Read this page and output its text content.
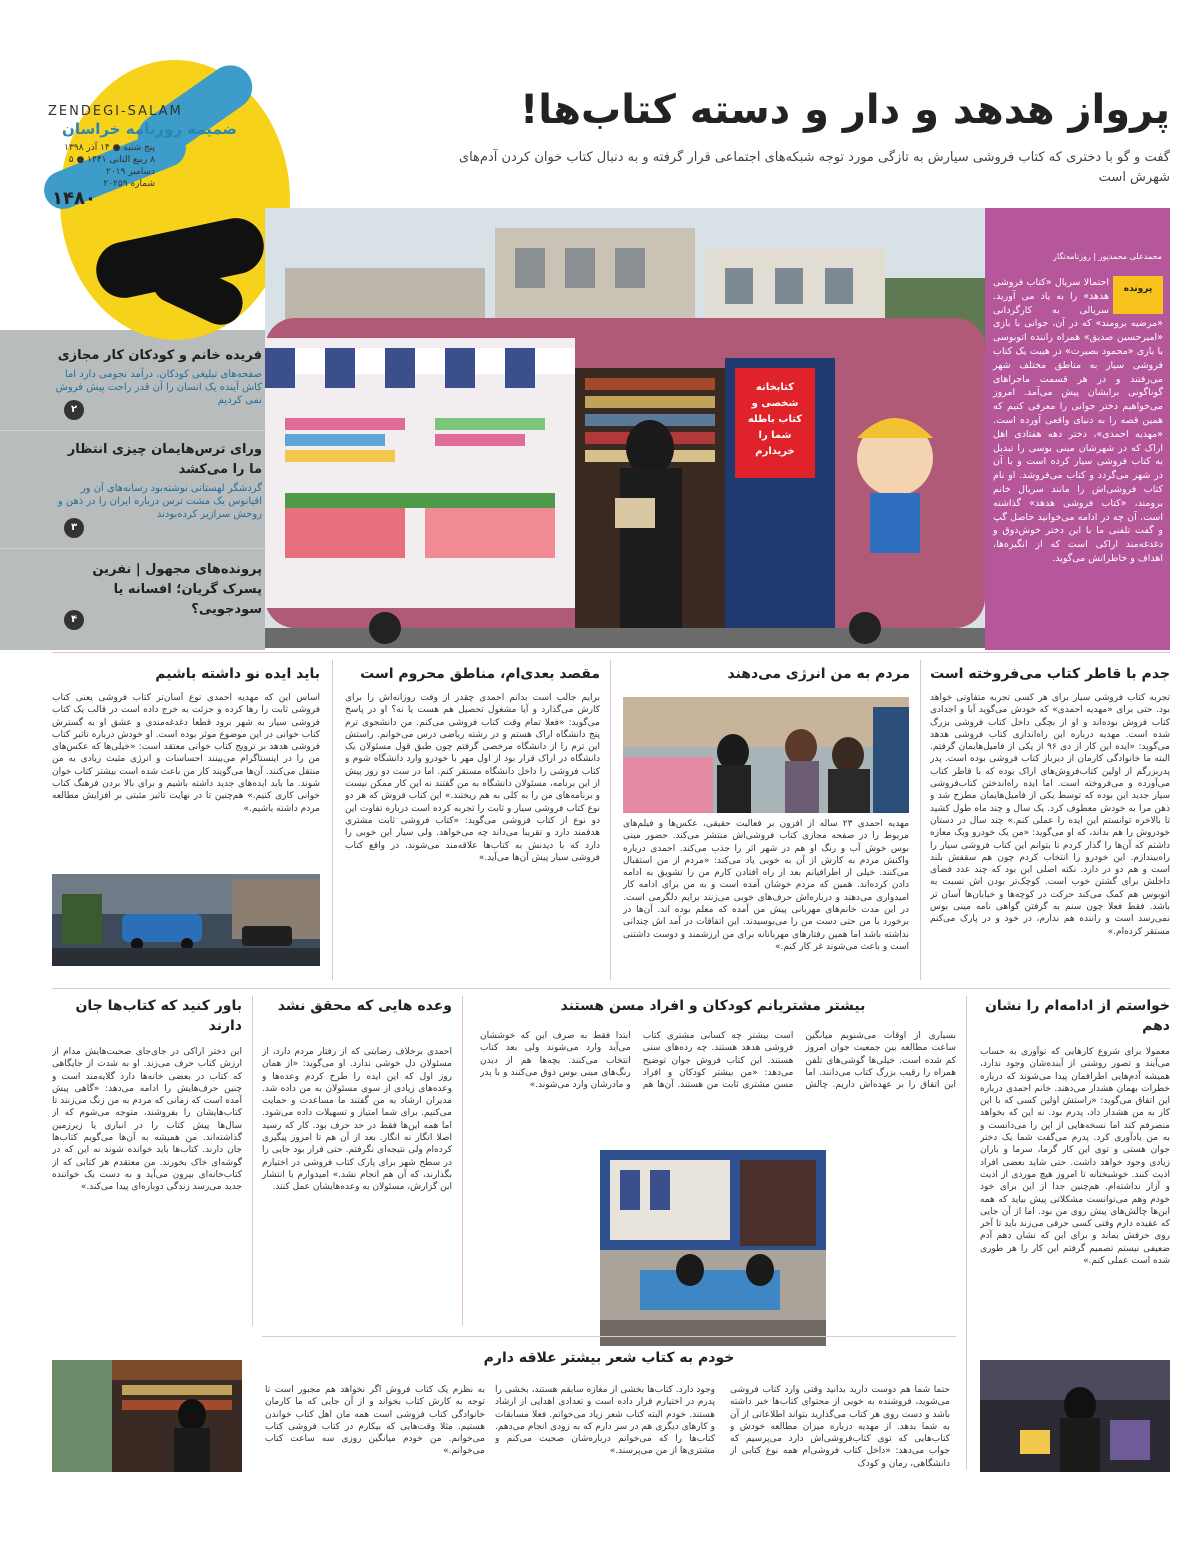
ZENDEGI-SALAM
ضمیمه روزنامه خراسان
پنج شنبه ● ۱۴ آذر ۱۳۹۸
۸ ربیع الثانی ۱۴۴۱ ● ۵ دسامبر ۲۰۱۹
شماره ۲۰۲۵۹
۱۴۸۰
فریده خانم و کودکان کار مجازی

صفحه‌های تبلیغی کودکان، درآمد نجومی دارد اما کاش آینده یک انسان را آن قدر راحت پیش فروش نمی کردیم

۲
ورای ترس‌هایمان چیزی انتظار ما را می‌کشد

گردشگر لهستانی نوشته‌بود رسانه‌های آن ور اقیانوس یک مشت ترس درباره ایران را در ذهن و روحش سرازیر کرده‌بودند

۳
پرونده‌های مجهول | نفرین پسرک گریان؛ افسانه یا سودجویی؟
۴
پرواز هدهد و دار و دسته کتاب‌ها!
گفت و گو با دختری که کتاب فروشی سیارش به تازگی مورد توجه شبکه‌های اجتماعی قرار گرفته و به دنبال کتاب خوان کردن آدم‌های شهرش است
کتابخانه شخصی و کتاب باطله شما را خریدارم
محمدعلی محمدپور | روزنامه‌نگار
پرونده
احتمالا سریال «کتاب فروشی هدهد» را به یاد می آورید. سریالی به کارگردانی «مرضیه برومند» که در آن، جوانی با بازی «امیرحسین صدیق» همراه راننده اتوبوسی با بازی «محمود بصیرت» در هیبت یک کتاب فروشی سیار به مناطق مختلف شهر می‌رفتند و در هر قسمت ماجراهای گوناگونی برایشان پیش می‌آمد. امروز می‌خواهیم دختر جوانی را معرفی کنیم که همین قصه را به دنیای واقعی آورده است. «مهدیه احمدی»، دختر دهه هفتادی اهل اراک که در شهرشان مینی بوسی را تبدیل به کتاب فروشی سیار کرده است و با آن در شهر می‌گردد و کتاب می‌فروشد. او نام کتاب فروشی‌اش را مانند سریال خانم برومند، «کتاب فروشی هدهد» گذاشته است. آن چه در ادامه می‌خوانید حاصل گپ و گفت تلفنی ما با این دختر خوش‌ذوق و دغدغه‌مند اراکی است که از انگیزه‌ها، اهداف و خاطراتش می‌گوید.
جدم با قاطر کتاب می‌فروخته است
تجربه کتاب فروشی سیار برای هر کسی تجربه متفاوتی خواهد بود. حتی برای «مهدیه احمدی» که خودش می‌گوید آبا و اجدادی کتاب فروش بوده‌اند و او از بچگی داخل کتاب فروشی بزرگ شده است. مهدیه درباره این راه‌اندازی کتاب فروشی هدهد می‌گوید: «ایده این کار از دی ۹۶ از یکی از فامیل‌هایمان گرفتم. البته ما خانوادگی کارمان از دیرباز کتاب فروشی بوده است. پدر پدربزرگم از اولین کتاب‌فروش‌های اراک بوده که با قاطر کتاب می‌آورده و می‌فروخته است. اما ایده راه‌اندختن کتاب‌فروشی سیار جدید این بوده که توسط یکی از فامیل‌هایمان مطرح شد و ذهن مرا به خودش معطوف کرد. یک سال و چند ماه طول کشید تا بالاخره توانستم این ایده را عملی کنم.» چند سال در دستان خودروش را هم بداند، که او می‌گوید: «من یک خودرو ویک معازه داشتم که آن‌ها را گذار کردم تا بتوانم این کتاب فروشی سیار را راه‌بیندازم. این خودرو را انتخاب کردم چون هم سقفش بلند است و هم دو در دارد. نکته اصلی این بود که چند عدد فضای داخلش برای گشتن خوب است. کوچک‌تر بودن اش نسبت به اتوبوس هم کمک می‌کند حرکت در کوچه‌ها و خیابان‌ها آسان تر باشد. فقط فعلا چون سنم به گرفتن گواهی نامه مینی بوس نمی‌رسد است و راننده هم ندارم، در خود و در پارک می‌کنم مستقر کرده‌ام.»
مردم به من انرژی می‌دهند
مهدیه احمدی ۲۳ ساله از افزون بر فعالیت حقیقی، عکس‌ها و فیلم‌های مربوط را در صفحه مجازی کتاب فروشی‌اش منتشر می‌کند. حضور مینی بوس خوش آب و رنگ او هم در شهر اثر را جذب می‌کند. احمدی درباره واکنش مردم به کارش از آن به خوبی یاد می‌کند: «مردم از من استقبال می‌کنند. خیلی از اطرافیانم بعد از راه افتادن کارم من را تشویق به ادامه دادن کرده‌اند. همین که مردم خوشان آمده است و به من برای ادامه کار امیدواری می‌دهند و درباره‌اش حرف‌های خوبی می‌زنند برایم دلگرمی است. در این مدت خانم‌های مهربانی پیش من آمده که معلم بوده اند. آن‌ها در برخورد با من حتی دست من را می‌بوسیدند. این اتفاقات در آمد اش چندانی نداشته باشد اما همین رفتارهای مهربانانه برای من ارزشمند و دوست داشتنی است و باعث می‌شوند غر کار کنم.»
مقصد بعدی‌ام، مناطق محروم است
برایم جالب است بدانم احمدی چقدر از وقت روزانه‌اش را برای کارش می‌گذارد و آیا مشغول تحصیل هم هست یا نه؟ او در پاسخ می‌گوید: «فعلا تمام وقت کتاب فروشی می‌کنم. من دانشجوی ترم پنج دانشگاه اراک هستم و در رشته ریاضی درس می‌خوانم. راستش این ترم را از دانشگاه مرخصی گرفتم چون طبق قول مسئولان یک دانشگاه در اراک قرار بود از اول مهر با خودرو وارد دانشگاه شوم و کتاب فروشی را داخل دانشگاه مستقر کنم. اما در ست دو روز پیش از این برنامه، مسئولان دانشگاه به من گفتند نه این کار ممکن نیست و برنامه‌های من را به کلی به هم ریختند.» این کتاب فروش که هر دو نوع کتاب فروشی سیار و ثابت را تجربه کرده است درباره تفاوت این دو نوع از کتاب فروشی می‌گوید: «کتاب فروشی ثابت مشتری هدفمند دارد و تقریبا می‌داند چه می‌خواهد. ولی سیار این خوبی را دارد که با دیدنش به کتاب‌ها علاقه‌مند می‌شوند، در واقع کتاب فروشی سیار پیش آن‌ها می‌آید.»
باید ایده نو داشته باشیم
اساس این که مهدیه احمدی نوع آسان‌تر کتاب فروشی یعنی کتاب فروشی ثابت را رها کرده و جرئت به خرج داده است در قالب یک کتاب فروشی سیار به شهر برود قطعا دغدغه‌مندی و عشق او به گسترش کتاب خوانی در این موضوع موثر بوده است. او خودش درباره تاثیر کتاب فروشی هدهد بر ترویج کتاب خوانی معتقد است: «خیلی‌ها که عکس‌های من را در اینستاگرام می‌بینند احساسات و انرژی مثبت زیادی به من منتقل می‌کنند. آن‌ها می‌گویند کار من باعث شده است بیشتر کتاب خوان شوند. ما باید ایده‌های جدید داشته باشیم و برای بالا بردن فرهنگ کتاب خوانی کاری کنیم.» هم‌چنین تا در نهایت تاثیر مثبتی بر افزایش مطالعه مردم داشته باشیم.»
خواستم از ادامه‌ام را نشان دهم
معمولا برای شروع کارهایی که نوآوری به حساب می‌آیند و تصور روشنی از آینده‌شان وجود ندارد، همیشه آدم‌هایی اطرافمان پیدا می‌شوند که درباره خطرات بهمان هشدار می‌دهند. خانم احمدی درباره این اتفاق می‌گوید: «راستش اولین کسی که با این کار به من هشدار داد، پدرم بود. نه این که بخواهد منصرفم کند اما نسخه‌هایی از این را می‌دانست و به من یادآوری کرد. پدرم می‌گفت شما یک دختر جوان هستی و توی این کار گرما، سرما و باران زیادی وجود خواهد داشت. حتی شاید بعضی افراد اذیت کنند. خوشبختانه تا امروز هیچ موردی از اذیت و آزار نداشته‌ام. هم‌چنین جدا از این برای خود خودم وهم می‌توانست مشکلاتی پیش بیاید که همه این‌ها چالش‌های پیش روی من بود. اما از آن جایی که عقیده دارم وقتی کسی حرفی می‌زند باید تا آخر روی حرفش بماند و برای این که نشان دهم آدم ضعیفی نیستم تصمیم گرفتم این کار را هر طوری شده است عملی کنم.»
بیشتر مشتریانم کودکان و افراد مسن هستند
بسیاری از اوقات می‌شنویم میانگین ساعت مطالعه بین جمعیت جوان امروز کم شده است. خیلی‌ها گوشی‌های تلفن همراه را رقیب بزرگ کتاب می‌دانند. اما این اتفاق را بر عهده‌اش داریم. چالش است بیشتر چه کسانی مشتری کتاب فروشی هدهد هستند. چه رده‌های سنی هستند. این کتاب فروش جوان توضیح می‌دهد: «من بیشتر کودکان و افراد مسن مشتری ثابت من هستند. آن‌ها هم ابتدا فقط به صرف این که خوششان می‌آید وارد می‌شوند ولی بعد کتاب انتخاب می‌کنند. بچه‌ها هم از دیدن رنگ‌های مینی بوس ذوق می‌کنند و با پدر و مادرشان وارد می‌شوند.»
وعده هایی که محقق نشد
احمدی برخلاف رضایتی که از رفتار مردم دارد، از مسئولان دل خوشی ندارد. او می‌گوید: «از همان روز اول که این ایده را طرح کردم وعده‌ها و وعده‌های زیادی از سوی مسئولان به من داده شد. مدیران ارشاد به من گفتند ما مساعدت و حمایت می‌کنیم. برای شما امتیاز و تسهیلات داده می‌شود. اما همه این‌ها فقط در حد حرف بود. کار که رسید اصلا انگار نه انگار. بعد از آن هم تا امروز پیگیری کرده‌ام ولی نتیجه‌ای نگرفتم. حتی قرار بود جایی را در سطح شهر برای پارک کتاب فروشی در اختیارم بگذارند، که آن هم انجام نشد.» امیدوارم با انتشار این گزارش، مسئولان به وعده‌هایشان عمل کنند.
باور کنید که کتاب‌ها جان دارند
این دختر اراکی در جای‌جای صحبت‌هایش مدام از ارزش کتاب حرف می‌زند. او به شدت از جایگاهی که کتاب در بعضی خانه‌ها دارد گلایه‌مند است و چنین حرف‌هایش را ادامه می‌دهد: «گاهی پیش آمده است که زمانی که مردم به من زنگ می‌زنند تا کتاب‌هایشان را بفروشند، متوجه می‌شوم که از سال‌ها پیش کتاب را در انباری یا زیرزمین گذاشته‌اند. من همیشه به آن‌ها می‌گویم کتاب‌ها جان دارند. کتاب‌ها باید خوانده شوند نه این که در گوشه‌ای خاک بخورند. من معتقدم هر کتابی که از کتاب‌خانه‌ای بیرون می‌آید و به دست یک خواننده جدید می‌رسد زندگی دوباره‌ای پیدا می‌کند.»
خودم به کتاب شعر بیشتر علاقه دارم
حتما شما هم دوست دارید بدانید وقتی وارد کتاب فروشی می‌شوید، فروشنده به خوبی از محتوای کتاب‌ها خبر داشته باشد و دست روی هر کتاب می‌گذارید بتواند اطلاعاتی از آن به شما بدهد. از مهدیه درباره میزان مطالعه خودش و کتاب‌هایی که توی کتاب‌فروشی‌اش دارد می‌پرسیم که جواب می‌دهد: «داخل کتاب فروشی‌ام همه نوع کتابی از دانشگاهی، رمان و کودک
وجود دارد. کتاب‌ها بخشی از مغازه سابقم هستند، بخشی را پدرم در اختیارم قرار داده است و تعدادی اهدایی از ارشاد هستند. خودم البته کتاب شعر زیاد می‌خوانم. فعلا مسابقات و کارهای دیگری هم در سر دارم که به زودی انجام می‌دهم. کتاب‌ها را که می‌خوانم درباره‌شان صحبت می‌کنم و مشتری‌ها از من می‌پرسند.»
به نظرم یک کتاب فروش اگر نخواهد هم مجبور است تا توجه به کارش کتاب بخواند و از آن جایی که ما کارمان خانوادگی کتاب فروشی است همه مان اهل کتاب خواندن هستیم. مثلا وقت‌هایی که بیکارم در کتاب فروشی کتاب می‌خوانم. من خودم میانگین روزی سه ساعت کتاب می‌خوانم.»
